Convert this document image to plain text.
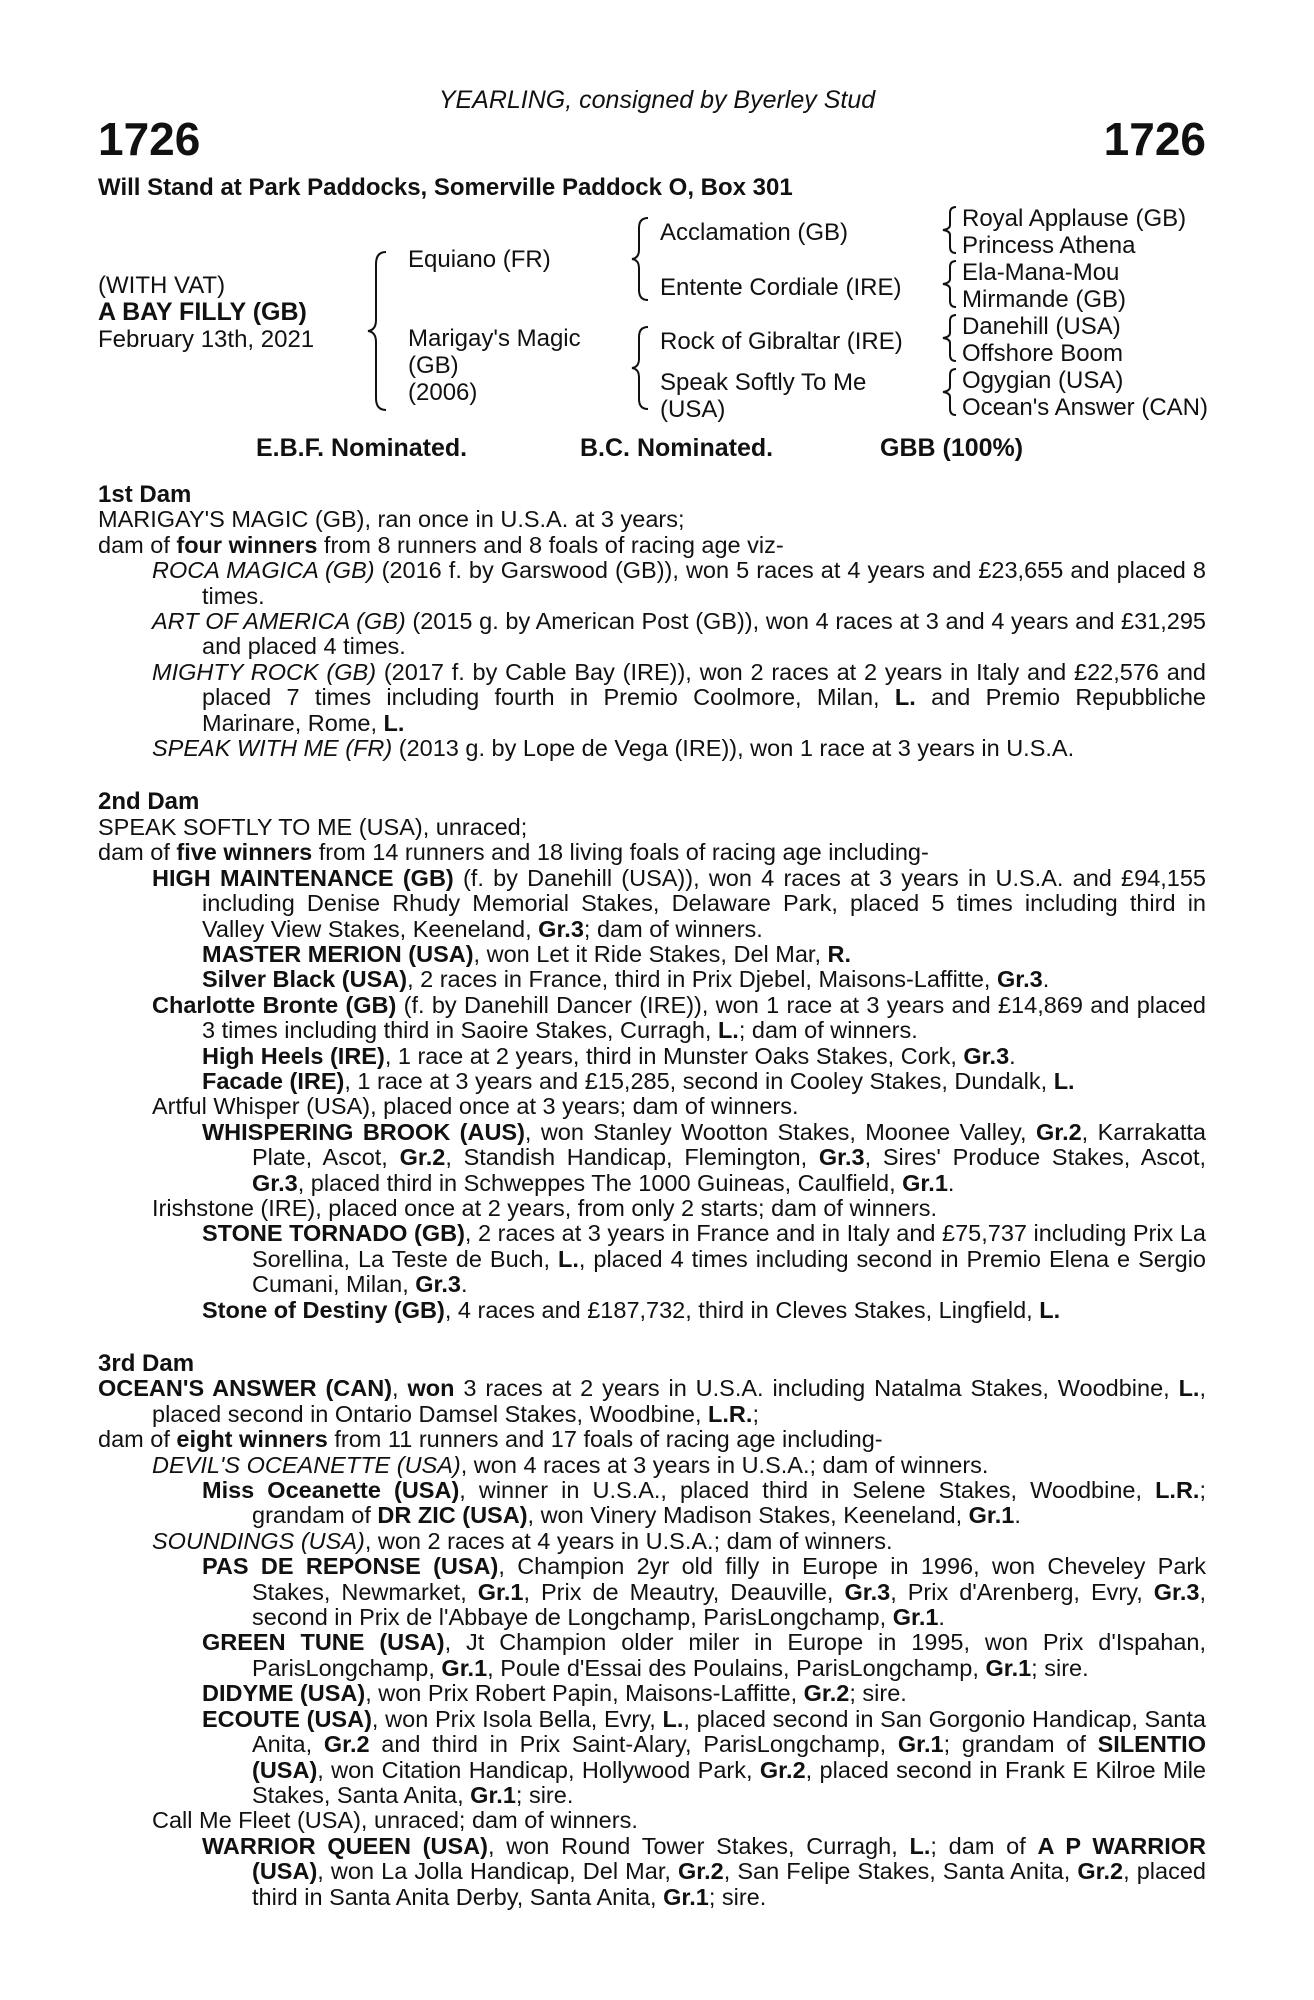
YEARLING, consigned by Byerley Stud
1726	1726
Will Stand at Park Paddocks, Somerville Paddock O, Box 301
(WITH VAT)
A BAY FILLY (GB)
February 13th, 2021
Equiano (FR)
Marigay's Magic
(GB)
(2006)
Acclamation (GB)
Entente Cordiale (IRE)
Rock of Gibraltar (IRE)
Speak Softly To Me
(USA)
Royal Applause (GB)
Princess Athena
Ela-Mana-Mou
Mirmande (GB)
Danehill (USA)
Offshore Boom
Ogygian (USA)
Ocean's Answer (CAN)
E.B.F. Nominated.	B.C. Nominated.	GBB (100%)

1st Dam

MARIGAY'S MAGIC (GB), ran once in U.S.A. at 3 years;

dam of four winners from 8 runners and 8 foals of racing age viz-

ROCA MAGICA (GB) (2016 f. by Garswood (GB)), won 5 races at 4 years and £23,655 and placed 8 times.

ART OF AMERICA (GB) (2015 g. by American Post (GB)), won 4 races at 3 and 4 years and £31,295 and placed 4 times.

MIGHTY ROCK (GB) (2017 f. by Cable Bay (IRE)), won 2 races at 2 years in Italy and £22,576 and placed 7 times including fourth in Premio Coolmore, Milan, L. and Premio Repubbliche Marinare, Rome, L.

SPEAK WITH ME (FR) (2013 g. by Lope de Vega (IRE)), won 1 race at 3 years in U.S.A.

2nd Dam

SPEAK SOFTLY TO ME (USA), unraced;

dam of five winners from 14 runners and 18 living foals of racing age including-

HIGH MAINTENANCE (GB) (f. by Danehill (USA)), won 4 races at 3 years in U.S.A. and £94,155 including Denise Rhudy Memorial Stakes, Delaware Park, placed 5 times including third in Valley View Stakes, Keeneland, Gr.3; dam of winners.

MASTER MERION (USA), won Let it Ride Stakes, Del Mar, R.

Silver Black (USA), 2 races in France, third in Prix Djebel, Maisons-Laffitte, Gr.3.

Charlotte Bronte (GB) (f. by Danehill Dancer (IRE)), won 1 race at 3 years and £14,869 and placed 3 times including third in Saoire Stakes, Curragh, L.; dam of winners.

High Heels (IRE), 1 race at 2 years, third in Munster Oaks Stakes, Cork, Gr.3.

Facade (IRE), 1 race at 3 years and £15,285, second in Cooley Stakes, Dundalk, L.

Artful Whisper (USA), placed once at 3 years; dam of winners.

WHISPERING BROOK (AUS), won Stanley Wootton Stakes, Moonee Valley, Gr.2, Karrakatta Plate, Ascot, Gr.2, Standish Handicap, Flemington, Gr.3, Sires' Produce Stakes, Ascot, Gr.3, placed third in Schweppes The 1000 Guineas, Caulfield, Gr.1.

Irishstone (IRE), placed once at 2 years, from only 2 starts; dam of winners.

STONE TORNADO (GB), 2 races at 3 years in France and in Italy and £75,737 including Prix La Sorellina, La Teste de Buch, L., placed 4 times including second in Premio Elena e Sergio Cumani, Milan, Gr.3.

Stone of Destiny (GB), 4 races and £187,732, third in Cleves Stakes, Lingfield, L.

3rd Dam

OCEAN'S ANSWER (CAN), won 3 races at 2 years in U.S.A. including Natalma Stakes, Woodbine, L., placed second in Ontario Damsel Stakes, Woodbine, L.R.;

dam of eight winners from 11 runners and 17 foals of racing age including-

DEVIL'S OCEANETTE (USA), won 4 races at 3 years in U.S.A.; dam of winners.

Miss Oceanette (USA), winner in U.S.A., placed third in Selene Stakes, Woodbine, L.R.; grandam of DR ZIC (USA), won Vinery Madison Stakes, Keeneland, Gr.1.

SOUNDINGS (USA), won 2 races at 4 years in U.S.A.; dam of winners.

PAS DE REPONSE (USA), Champion 2yr old filly in Europe in 1996, won Cheveley Park Stakes, Newmarket, Gr.1, Prix de Meautry, Deauville, Gr.3, Prix d'Arenberg, Evry, Gr.3, second in Prix de l'Abbaye de Longchamp, ParisLongchamp, Gr.1.

GREEN TUNE (USA), Jt Champion older miler in Europe in 1995, won Prix d'Ispahan, ParisLongchamp, Gr.1, Poule d'Essai des Poulains, ParisLongchamp, Gr.1; sire.

DIDYME (USA), won Prix Robert Papin, Maisons-Laffitte, Gr.2; sire.

ECOUTE (USA), won Prix Isola Bella, Evry, L., placed second in San Gorgonio Handicap, Santa Anita, Gr.2 and third in Prix Saint-Alary, ParisLongchamp, Gr.1; grandam of SILENTIO (USA), won Citation Handicap, Hollywood Park, Gr.2, placed second in Frank E Kilroe Mile Stakes, Santa Anita, Gr.1; sire.

Call Me Fleet (USA), unraced; dam of winners.

WARRIOR QUEEN (USA), won Round Tower Stakes, Curragh, L.; dam of A P WARRIOR (USA), won La Jolla Handicap, Del Mar, Gr.2, San Felipe Stakes, Santa Anita, Gr.2, placed third in Santa Anita Derby, Santa Anita, Gr.1; sire.
